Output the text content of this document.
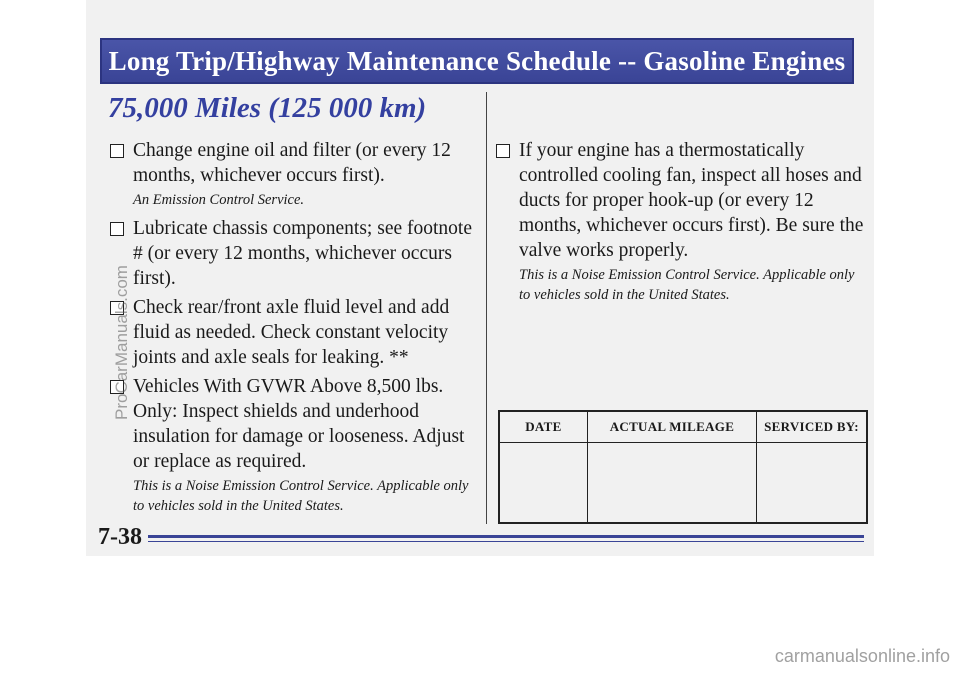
Long Trip/Highway Maintenance Schedule -- Gasoline Engines
75,000 Miles (125 000 km)
Change engine oil and filter (or every 12 months, whichever occurs first).
An Emission Control Service.
Lubricate chassis components; see footnote # (or every 12 months, whichever occurs first).
Check rear/front axle fluid level and add fluid as needed. Check constant velocity joints and axle seals for leaking. **
Vehicles With GVWR Above 8,500 lbs. Only: Inspect shields and underhood insulation for damage or looseness. Adjust or replace as required.
This is a Noise Emission Control Service. Applicable only to vehicles sold in the United States.
If your engine has a thermostatically controlled cooling fan, inspect all hoses and ducts for proper hook-up (or every 12 months, whichever occurs first). Be sure the valve works properly.
This is a Noise Emission Control Service. Applicable only to vehicles sold in the United States.
DATE	ACTUAL MILEAGE	SERVICED BY:

7-38
ProCarManuals.com
carmanualsonline.info
